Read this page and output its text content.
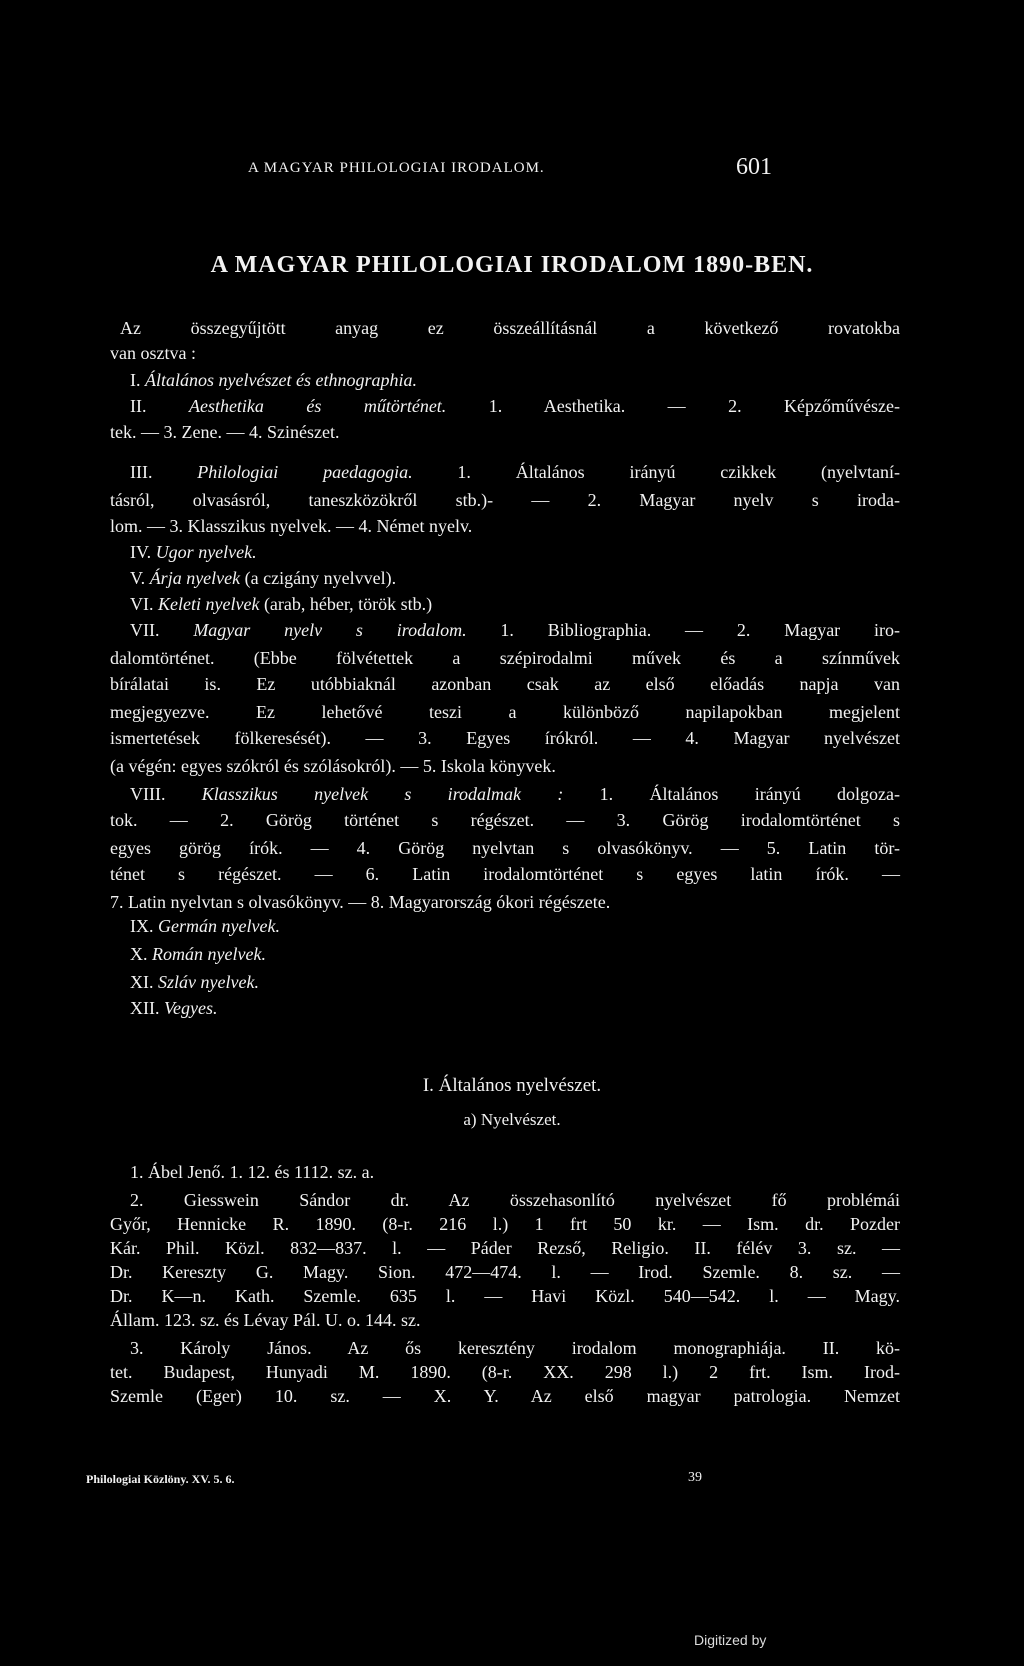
A MAGYAR PHILOLOGIAI IRODALOM.	601
A MAGYAR PHILOLOGIAI IRODALOM 1890-BEN.
Az összegyűjtött anyag ez összeállításnál a következő rovatokba
van osztva :
I. Általános nyelvészet és ethnographia.
II. Aesthetika és műtörténet. 1. Aesthetika. — 2. Képzőművésze-
tek. — 3. Zene. — 4. Szinészet.
III. Philologiai paedagogia. 1. Általános irányú czikkek (nyelvtaní-
tásról, olvasásról, taneszközökről stb.)- — 2. Magyar nyelv s iroda-
lom. — 3. Klasszikus nyelvek. — 4. Német nyelv.
IV. Ugor nyelvek.
V. Árja nyelvek (a czigány nyelvvel).
VI. Keleti nyelvek (arab, héber, török stb.)
VII. Magyar nyelv s irodalom. 1. Bibliographia. — 2. Magyar iro-
dalomtörténet. (Ebbe fölvétettek a szépirodalmi művek és a színművek
bírálatai is. Ez utóbbiaknál azonban csak az első előadás napja van
megjegyezve. Ez lehetővé teszi a különböző napilapokban megjelent
ismertetések fölkeresését). — 3. Egyes írókról. — 4. Magyar nyelvészet
(a végén: egyes szókról és szólásokról). — 5. Iskola könyvek.
VIII. Klasszikus nyelvek s irodalmak : 1. Általános irányú dolgoza-
tok. — 2. Görög történet s régészet. — 3. Görög irodalomtörténet s
egyes görög írók. — 4. Görög nyelvtan s olvasókönyv. — 5. Latin tör-
ténet s régészet. — 6. Latin irodalomtörténet s egyes latin írók. —
7. Latin nyelvtan s olvasókönyv. — 8. Magyarország ókori régészete.
IX. Germán nyelvek.
X. Román nyelvek.
XI. Szláv nyelvek.
XII. Vegyes.
I. Általános nyelvészet.
a) Nyelvészet.
1. Ábel Jenő. 1. 12. és 1112. sz. a.
2. Giesswein Sándor dr. Az összehasonlító nyelvészet fő problémái
Győr, Hennicke R. 1890. (8-r. 216 l.) 1 frt 50 kr. — Ism. dr. Pozder
Kár. Phil. Közl. 832—837. l. — Páder Rezső, Religio. II. félév 3. sz. —
Dr. Kereszty G. Magy. Sion. 472—474. l. — Irod. Szemle. 8. sz. —
Dr. K—n. Kath. Szemle. 635 l. — Havi Közl. 540—542. l. — Magy.
Állam. 123. sz. és Lévay Pál. U. o. 144. sz.
3. Károly János. Az ős keresztény irodalom monographiája. II. kö-
tet. Budapest, Hunyadi M. 1890. (8-r. XX. 298 l.) 2 frt. Ism. Irod-
Szemle (Eger) 10. sz. — X. Y. Az első magyar patrologia. Nemzet
Philologiai Közlöny. XV. 5. 6.	39
Digitized by
